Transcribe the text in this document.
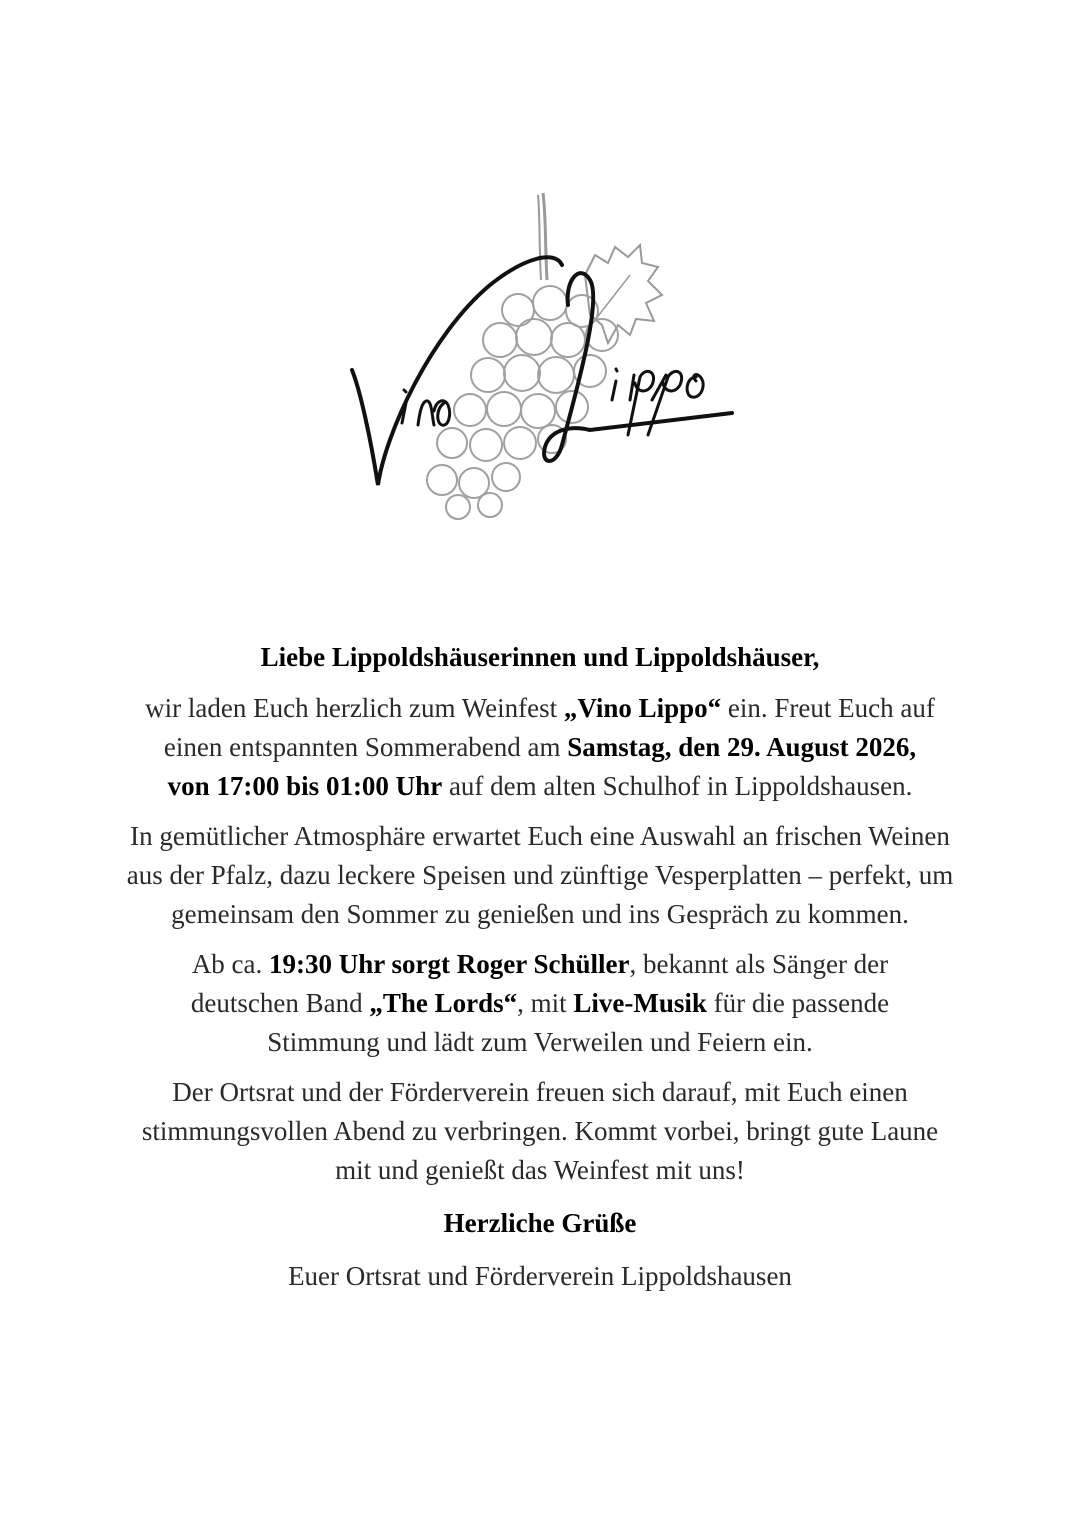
Liebe Lippoldshäuserinnen und Lippoldshäuser,

wir laden Euch herzlich zum Weinfest „Vino Lippo“ ein. Freut Euch auf einen entspannten Sommerabend am Samstag, den 29. August 2026, von 17:00 bis 01:00 Uhr auf dem alten Schulhof in Lippoldshausen.

In gemütlicher Atmosphäre erwartet Euch eine Auswahl an frischen Weinen aus der Pfalz, dazu leckere Speisen und zünftige Vesperplatten – perfekt, um gemeinsam den Sommer zu genießen und ins Gespräch zu kommen.

Ab ca. 19:30 Uhr sorgt Roger Schüller, bekannt als Sänger der deutschen Band „The Lords“, mit Live-Musik für die passende Stimmung und lädt zum Verweilen und Feiern ein.

Der Ortsrat und der Förderverein freuen sich darauf, mit Euch einen stimmungsvollen Abend zu verbringen. Kommt vorbei, bringt gute Laune mit und genießt das Weinfest mit uns!

Herzliche Grüße

Euer Ortsrat und Förderverein Lippoldshausen
